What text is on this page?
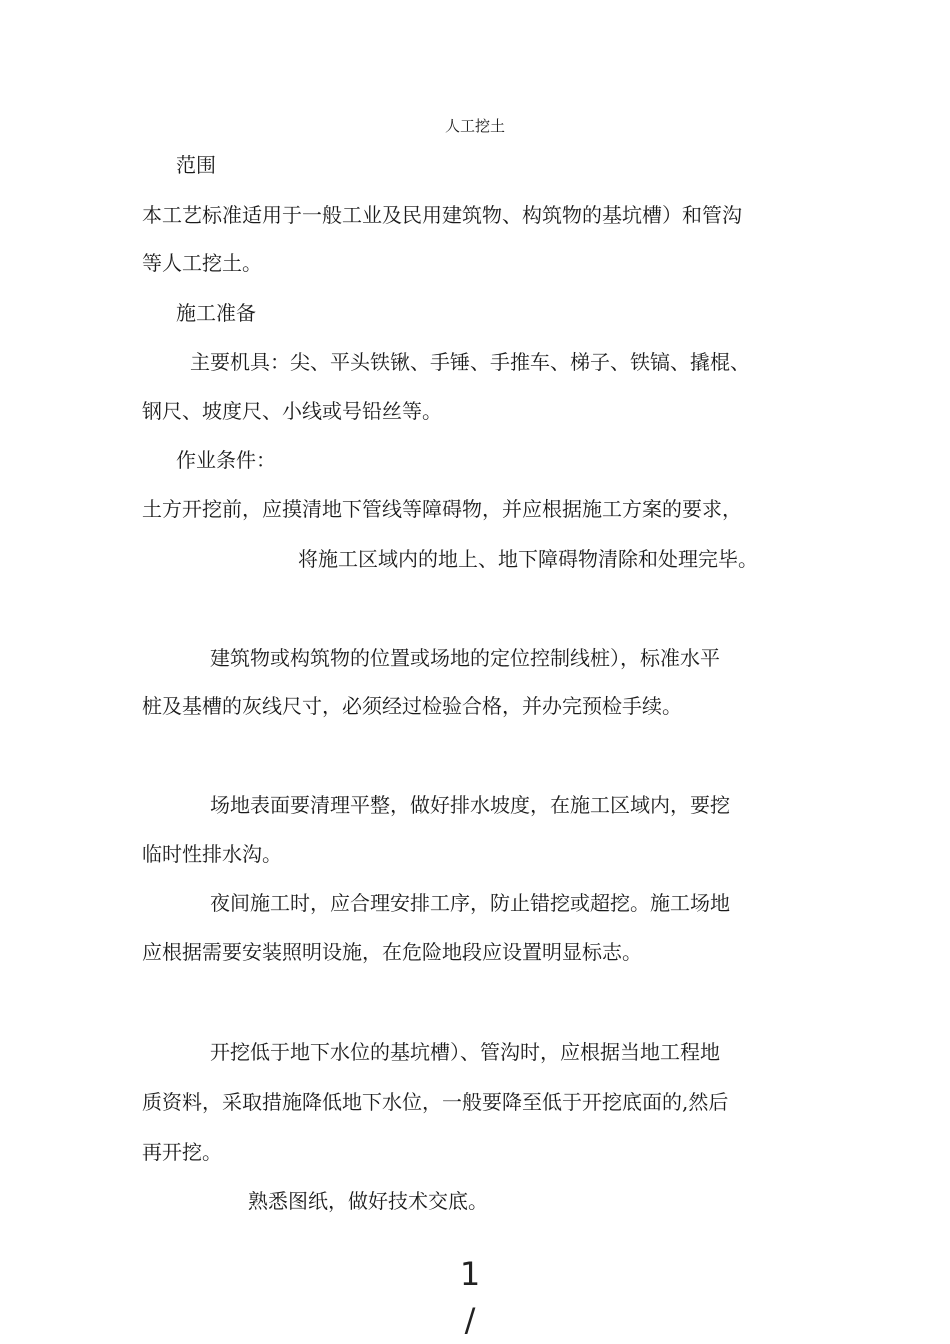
人工挖土
范围
本工艺标准适用于一般工业及民用建筑物、构筑物的基坑槽）和管沟
等人工挖土。
施工准备
主要机具：尖、平头铁锹、手锤、手推车、梯子、铁镐、撬棍、
钢尺、坡度尺、小线或号铅丝等。
作业条件：
土方开挖前，应摸清地下管线等障碍物，并应根据施工方案的要求，
将施工区域内的地上、地下障碍物清除和处理完毕。
建筑物或构筑物的位置或场地的定位控制线桩），标准水平
桩及基槽的灰线尺寸，必须经过检验合格，并办完预检手续。
场地表面要清理平整，做好排水坡度，在施工区域内，要挖
临时性排水沟。
夜间施工时，应合理安排工序，防止错挖或超挖。施工场地
应根据需要安装照明设施，在危险地段应设置明显标志。
开挖低于地下水位的基坑槽）、管沟时，应根据当地工程地
质资料，采取措施降低地下水位，一般要降至低于开挖底面的,然后
再开挖。
熟悉图纸，做好技术交底。
1
/
